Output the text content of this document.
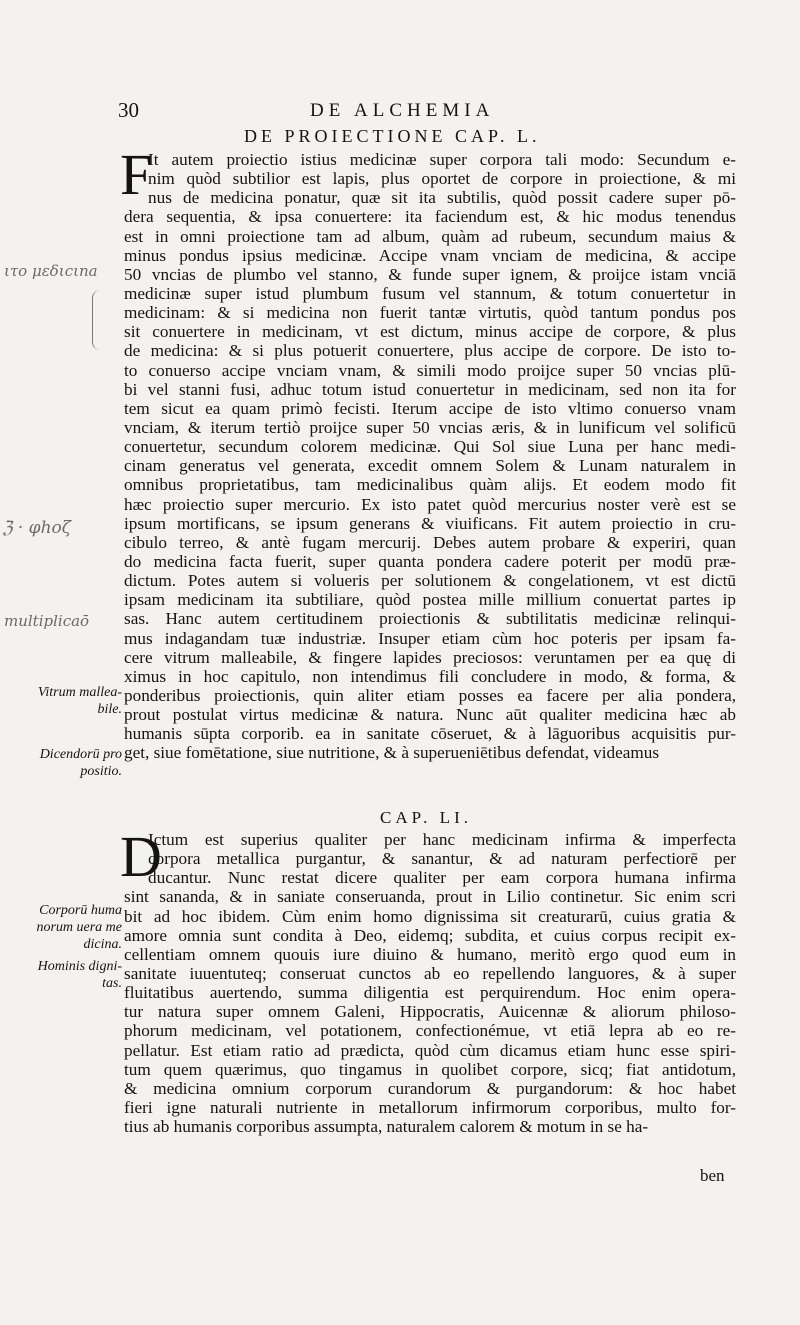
30	DE ALCHEMIA
DE PROIECTIONE CAP. L.
F
It autem proiectio istius medicinæ super corpora tali modo: Secundum e-
nim quòd subtilior est lapis, plus oportet de corpore in proiectione, & mi
nus de medicina ponatur, quæ sit ita subtilis, quòd possit cadere super pō-
dera sequentia, & ipsa conuertere: ita faciendum est, & hic modus tenendus
est in omni proiectione tam ad album, quàm ad rubeum, secundum maius &
minus pondus ipsius medicinæ. Accipe vnam vnciam de medicina, & accipe
50 vncias de plumbo vel stanno, & funde super ignem, & proijce istam vnciā
medicinæ super istud plumbum fusum vel stannum, & totum conuertetur in
medicinam: & si medicina non fuerit tantæ virtutis, quòd tantum pondus pos
sit conuertere in medicinam, vt est dictum, minus accipe de corpore, & plus
de medicina: & si plus potuerit conuertere, plus accipe de corpore. De isto to-
to conuerso accipe vnciam vnam, & simili modo proijce super 50 vncias plū-
bi vel stanni fusi, adhuc totum istud conuertetur in medicinam, sed non ita for
tem sicut ea quam primò fecisti. Iterum accipe de isto vltimo conuerso vnam
vnciam, & iterum tertiò proijce super 50 vncias æris, & in lunificum vel solificū
conuertetur, secundum colorem medicinæ. Qui Sol siue Luna per hanc medi-
cinam generatus vel generata, excedit omnem Solem & Lunam naturalem in
omnibus proprietatibus, tam medicinalibus quàm alijs. Et eodem modo fit
hæc proiectio super mercurio. Ex isto patet quòd mercurius noster verè est se
ipsum mortificans, se ipsum generans & viuificans. Fit autem proiectio in cru-
cibulo terreo, & antè fugam mercurij. Debes autem probare & experiri, quan
do medicina facta fuerit, super quanta pondera cadere poterit per modū præ-
dictum. Potes autem si volueris per solutionem & congelationem, vt est dictū
ipsam medicinam ita subtiliare, quòd postea mille millium conuertat partes ip
sas. Hanc autem certitudinem proiectionis & subtilitatis medicinæ relinqui-
mus indagandam tuæ industriæ. Insuper etiam cùm hoc poteris per ipsam fa-
cere vitrum malleabile, & fingere lapides preciosos: veruntamen per ea quę di
ximus in hoc capitulo, non intendimus fili concludere in modo, & forma, &
ponderibus proiectionis, quin aliter etiam posses ea facere per alia pondera,
prout postulat virtus medicinæ & natura. Nunc aūt qualiter medicina hæc ab
humanis sūpta corporib. ea in sanitate cōseruet, & à lāguoribus acquisitis pur-
get, siue fomētatione, siue nutritione, & à superueniētibus defendat, videamus
CAP. LI.
D
Ictum est superius qualiter per hanc medicinam infirma & imperfecta
corpora metallica purgantur, & sanantur, & ad naturam perfectiorē per
ducantur. Nunc restat dicere qualiter per eam corpora humana infirma
sint sananda, & in saniate conseruanda, prout in Lilio continetur. Sic enim scri
bit ad hoc ibidem. Cùm enim homo dignissima sit creaturarū, cuius gratia &
amore omnia sunt condita à Deo, eidemq; subdita, et cuius corpus recipit ex-
cellentiam omnem quouis iure diuino & humano, meritò ergo quod eum in
sanitate iuuentuteq; conseruat cunctos ab eo repellendo languores, & à super
fluitatibus auertendo, summa diligentia est perquirendum. Hoc enim opera-
tur natura super omnem Galeni, Hippocratis, Auicennæ & aliorum philoso-
phorum medicinam, vel potationem, confectionémue, vt etiā lepra ab eo re-
pellatur. Est etiam ratio ad prædicta, quòd cùm dicamus etiam hunc esse spiri-
tum quem quærimus, quo tingamus in quolibet corpore, sicq; fiat antidotum,
& medicina omnium corporum curandorum & purgandorum: & hoc habet
fieri igne naturali nutriente in metallorum infirmorum corporibus, multo for-
tius ab humanis corporibus assumpta, naturalem calorem & motum in se ha-
Vitrum mallea-
bile.
Dicendorū pro
positio.
Corporū huma
norum uera me
dicina.
Hominis digni-
tas.
ιτο μεδιcιna
ℨ · φhοζ
multiplicaō
ben
